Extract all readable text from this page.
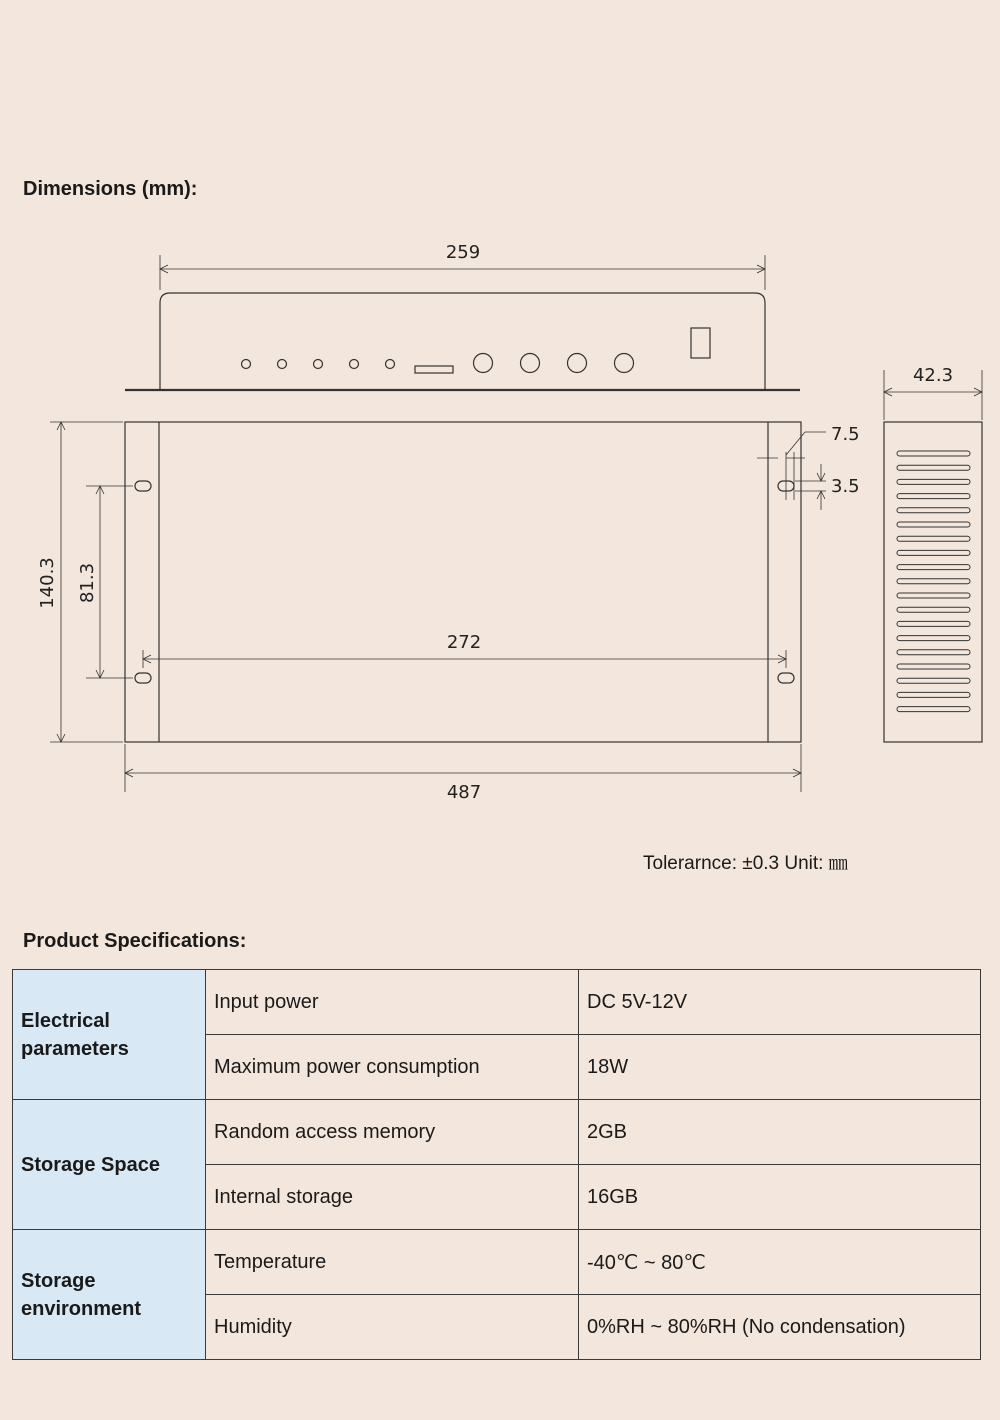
Dimensions (mm):
259
272
487
42.3
7.5
3.5
140.3 81.3
Tolerarnce: ±0.3 Unit: ㎜
Product Specifications:
Electrical parameters	Input power	DC 5V-12V
	Maximum power consumption	18W
Storage Space	Random access memory	2GB
	Internal storage	16GB
Storage environment	Temperature	-40℃ ~ 80℃
	Humidity	0%RH ~ 80%RH (No condensation)
